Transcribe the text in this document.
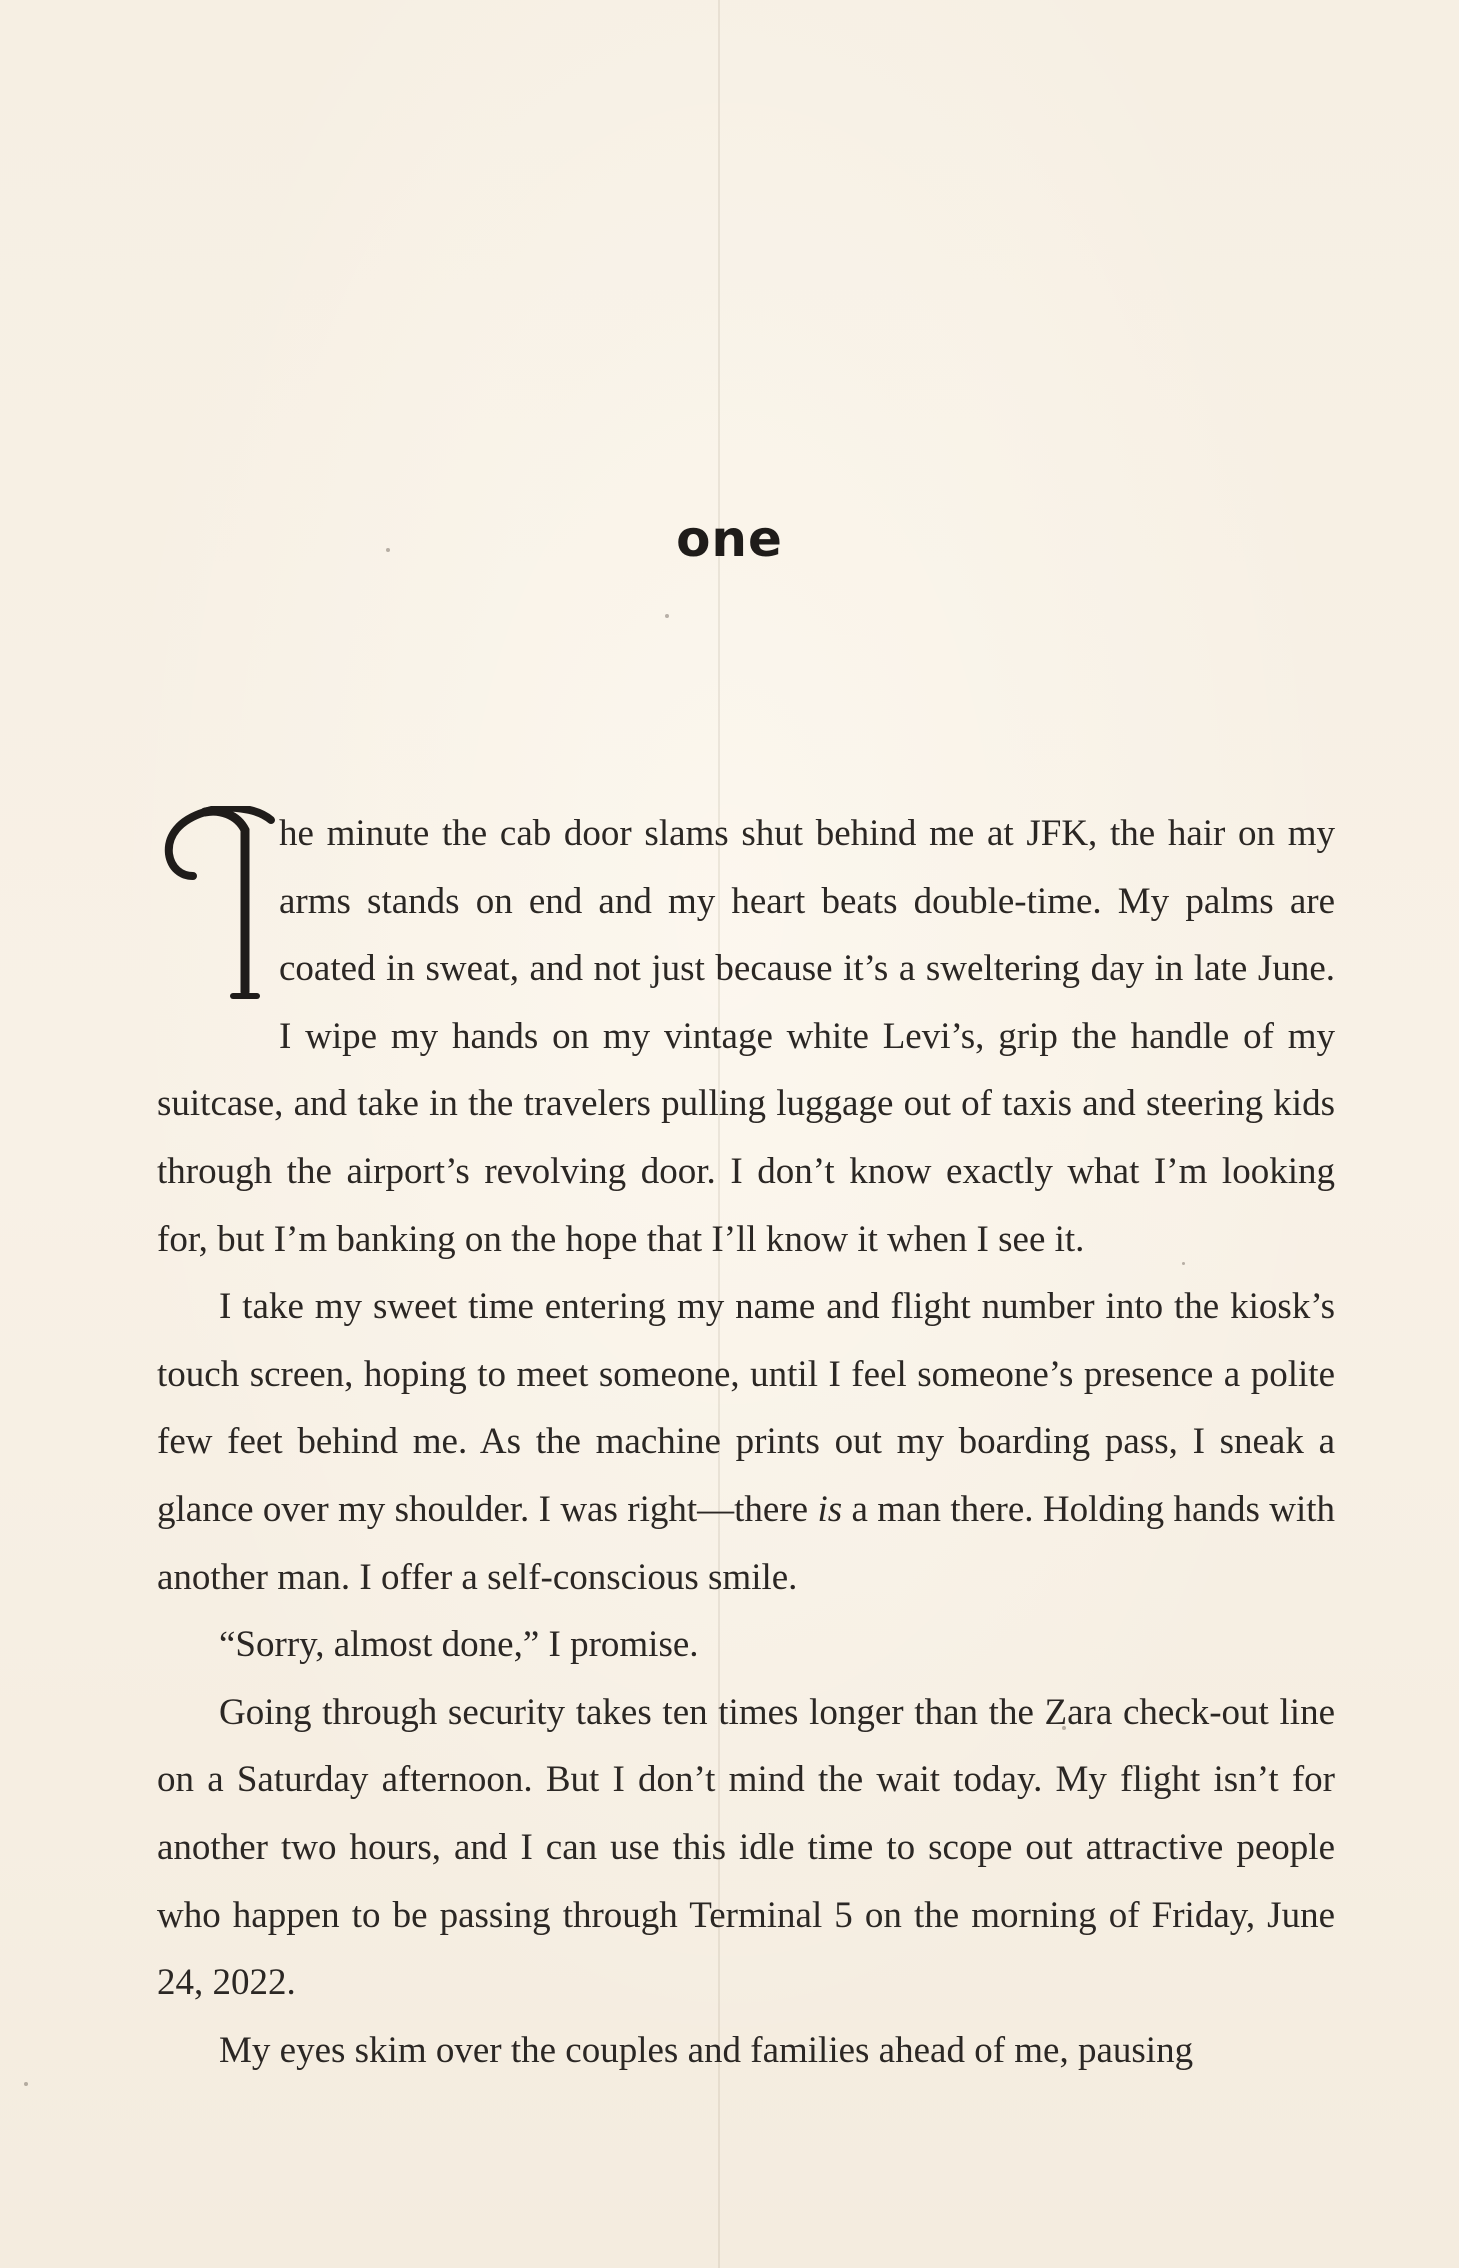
one

he minute the cab door slams shut behind me at JFK, the hair on my arms stands on end and my heart beats double-time. My palms are coated in sweat, and not just because it’s a sweltering day in late June. I wipe my hands on my vintage white Levi’s, grip the handle of my suitcase, and take in the travelers pulling luggage out of taxis and steering kids through the airport’s revolving door. I don’t know exactly what I’m looking for, but I’m banking on the hope that I’ll know it when I see it.

I take my sweet time entering my name and flight number into the kiosk’s touch screen, hoping to meet someone, until I feel someone’s presence a polite few feet behind me. As the machine prints out my boarding pass, I sneak a glance over my shoulder. I was right—there is a man there. Holding hands with another man. I offer a self-conscious smile.

“Sorry, almost done,” I promise.

Going through security takes ten times longer than the Zara check-out line on a Saturday afternoon. But I don’t mind the wait today. My flight isn’t for another two hours, and I can use this idle time to scope out attractive people who happen to be passing through Terminal 5 on the morning of Friday, June 24, 2022.

My eyes skim over the couples and families ahead of me, pausing
